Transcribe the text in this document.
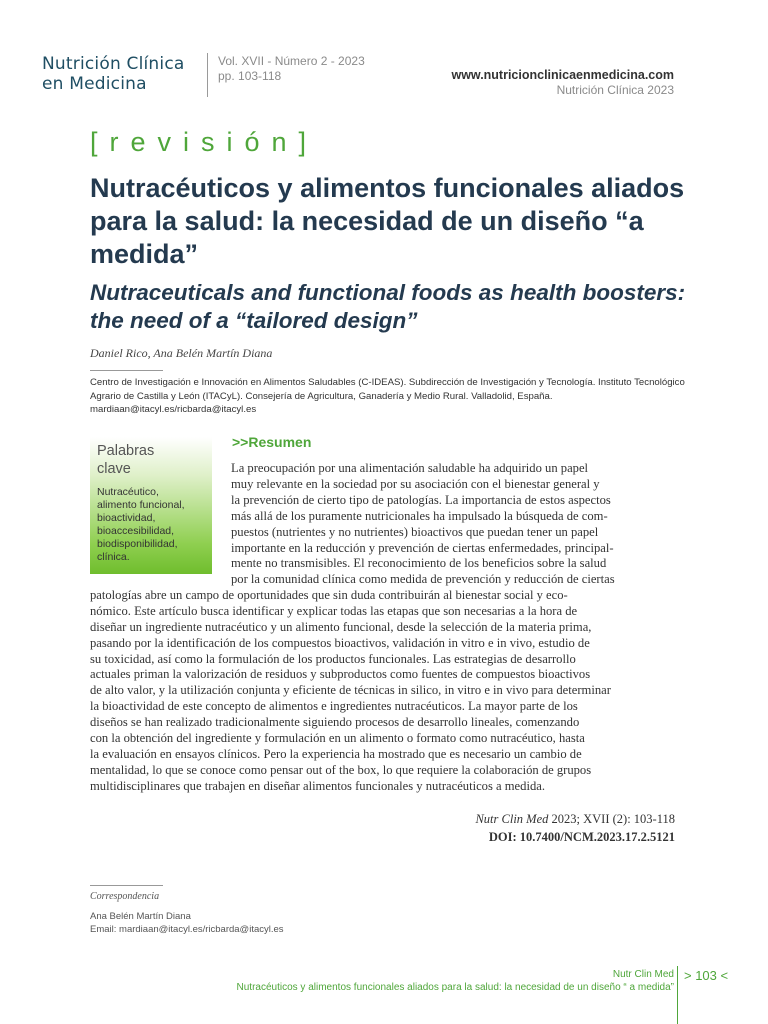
Nutrición Clínica
en Medicina
Vol. XVII - Número 2 - 2023
pp. 103-118	www.nutricionclinicaenmedicina.com
Nutrición Clínica 2023
[revisión]
Nutracéuticos y alimentos funcionales aliados para la salud: la necesidad de un diseño “a medida”
Nutraceuticals and functional foods as health boosters: the need of a “tailored design”
Daniel Rico, Ana Belén Martín Diana
Centro de Investigación e Innovación en Alimentos Saludables (C-IDEAS). Subdirección de Investigación y Tecnología. Instituto Tecnológico Agrario de Castilla y León (ITACyL). Consejería de Agricultura, Ganadería y Medio Rural. Valladolid, España. mardiaan@itacyl.es/ricbarda@itacyl.es
Palabras
clave
Nutracéutico,
alimento funcional,
bioactividad,
bioaccesibilidad,
biodisponibilidad,
clínica.
>>Resumen
La preocupación por una alimentación saludable ha adquirido un papel
muy relevante en la sociedad por su asociación con el bienestar general y
la prevención de cierto tipo de patologías. La importancia de estos aspectos
más allá de los puramente nutricionales ha impulsado la búsqueda de com-
puestos (nutrientes y no nutrientes) bioactivos que puedan tener un papel
importante en la reducción y prevención de ciertas enfermedades, principal-
mente no transmisibles. El reconocimiento de los beneficios sobre la salud
por la comunidad clínica como medida de prevención y reducción de ciertas
patologías abre un campo de oportunidades que sin duda contribuirán al bienestar social y eco-
nómico. Este artículo busca identificar y explicar todas las etapas que son necesarias a la hora de
diseñar un ingrediente nutracéutico y un alimento funcional, desde la selección de la materia prima,
pasando por la identificación de los compuestos bioactivos, validación in vitro e in vivo, estudio de
su toxicidad, así como la formulación de los productos funcionales. Las estrategias de desarrollo
actuales priman la valorización de residuos y subproductos como fuentes de compuestos bioactivos
de alto valor, y la utilización conjunta y eficiente de técnicas in silico, in vitro e in vivo para determinar
la bioactividad de este concepto de alimentos e ingredientes nutracéuticos. La mayor parte de los
diseños se han realizado tradicionalmente siguiendo procesos de desarrollo lineales, comenzando
con la obtención del ingrediente y formulación en un alimento o formato como nutracéutico, hasta
la evaluación en ensayos clínicos. Pero la experiencia ha mostrado que es necesario un cambio de
mentalidad, lo que se conoce como pensar out of the box, lo que requiere la colaboración de grupos
multidisciplinares que trabajen en diseñar alimentos funcionales y nutracéuticos a medida.
Nutr Clin Med 2023; XVII (2): 103-118
DOI: 10.7400/NCM.2023.17.2.5121
Correspondencia
Ana Belén Martín Diana
Email: mardiaan@itacyl.es/ricbarda@itacyl.es
Nutr Clin Med
Nutracéuticos y alimentos funcionales aliados para la salud: la necesidad de un diseño “ a medida”
> 103 <
